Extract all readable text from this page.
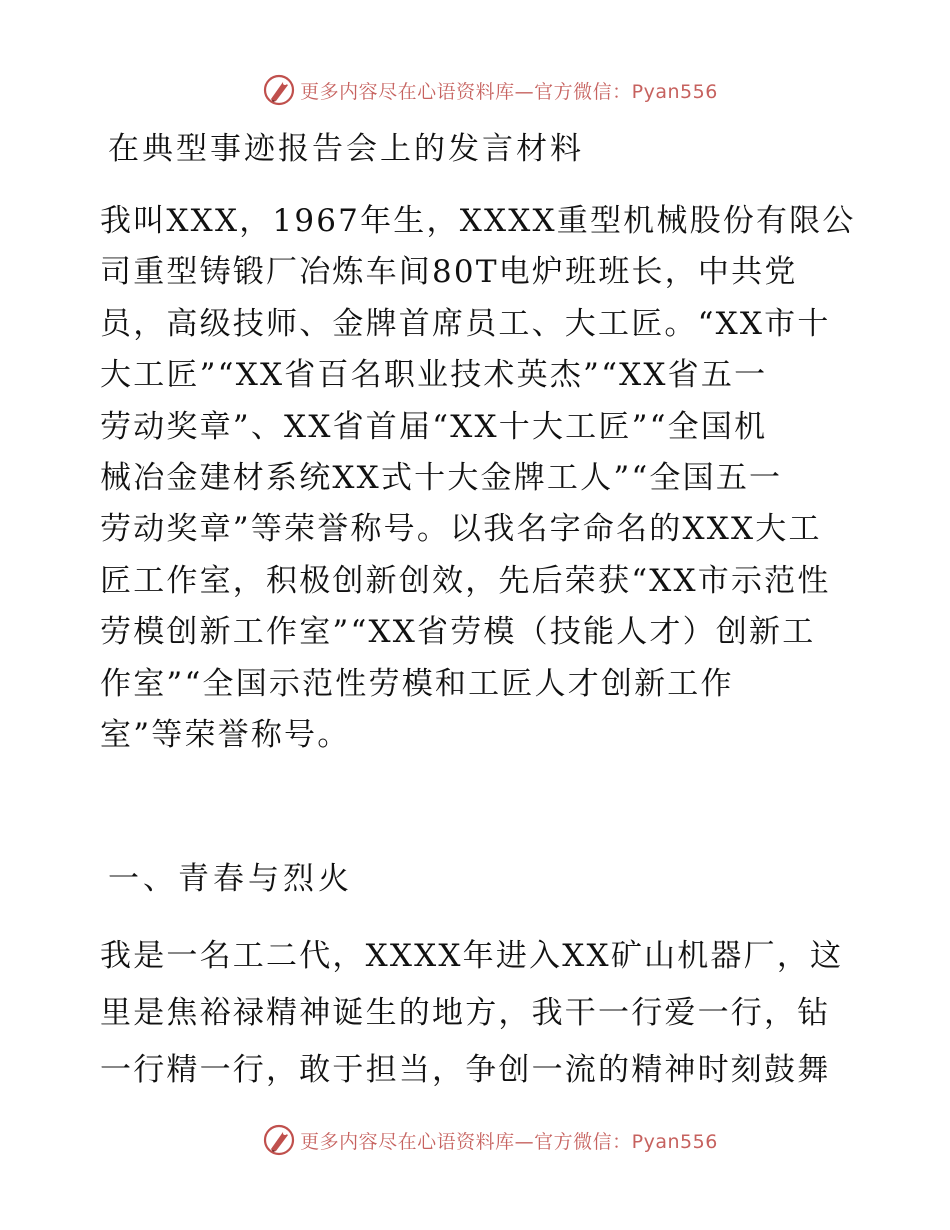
更多内容尽在心语资料库—官方微信：Pyan556
在典型事迹报告会上的发言材料
我叫XXX，1967年生，XXXX重型机械股份有限公
司重型铸锻厂冶炼车间80T电炉班班长，中共党
员，高级技师、金牌首席员工、大工匠。“XX市十
大工匠”“XX省百名职业技术英杰”“XX省五一
劳动奖章”、XX省首届“XX十大工匠”“全国机
械冶金建材系统XX式十大金牌工人”“全国五一
劳动奖章”等荣誉称号。以我名字命名的XXX大工
匠工作室，积极创新创效，先后荣获“XX市示范性
劳模创新工作室”“XX省劳模（技能人才）创新工
作室”“全国示范性劳模和工匠人才创新工作
室”等荣誉称号。
一、青春与烈火
我是一名工二代，XXXX年进入XX矿山机器厂，这
里是焦裕禄精神诞生的地方，我干一行爱一行，钻
一行精一行，敢于担当，争创一流的精神时刻鼓舞
更多内容尽在心语资料库—官方微信：Pyan556
